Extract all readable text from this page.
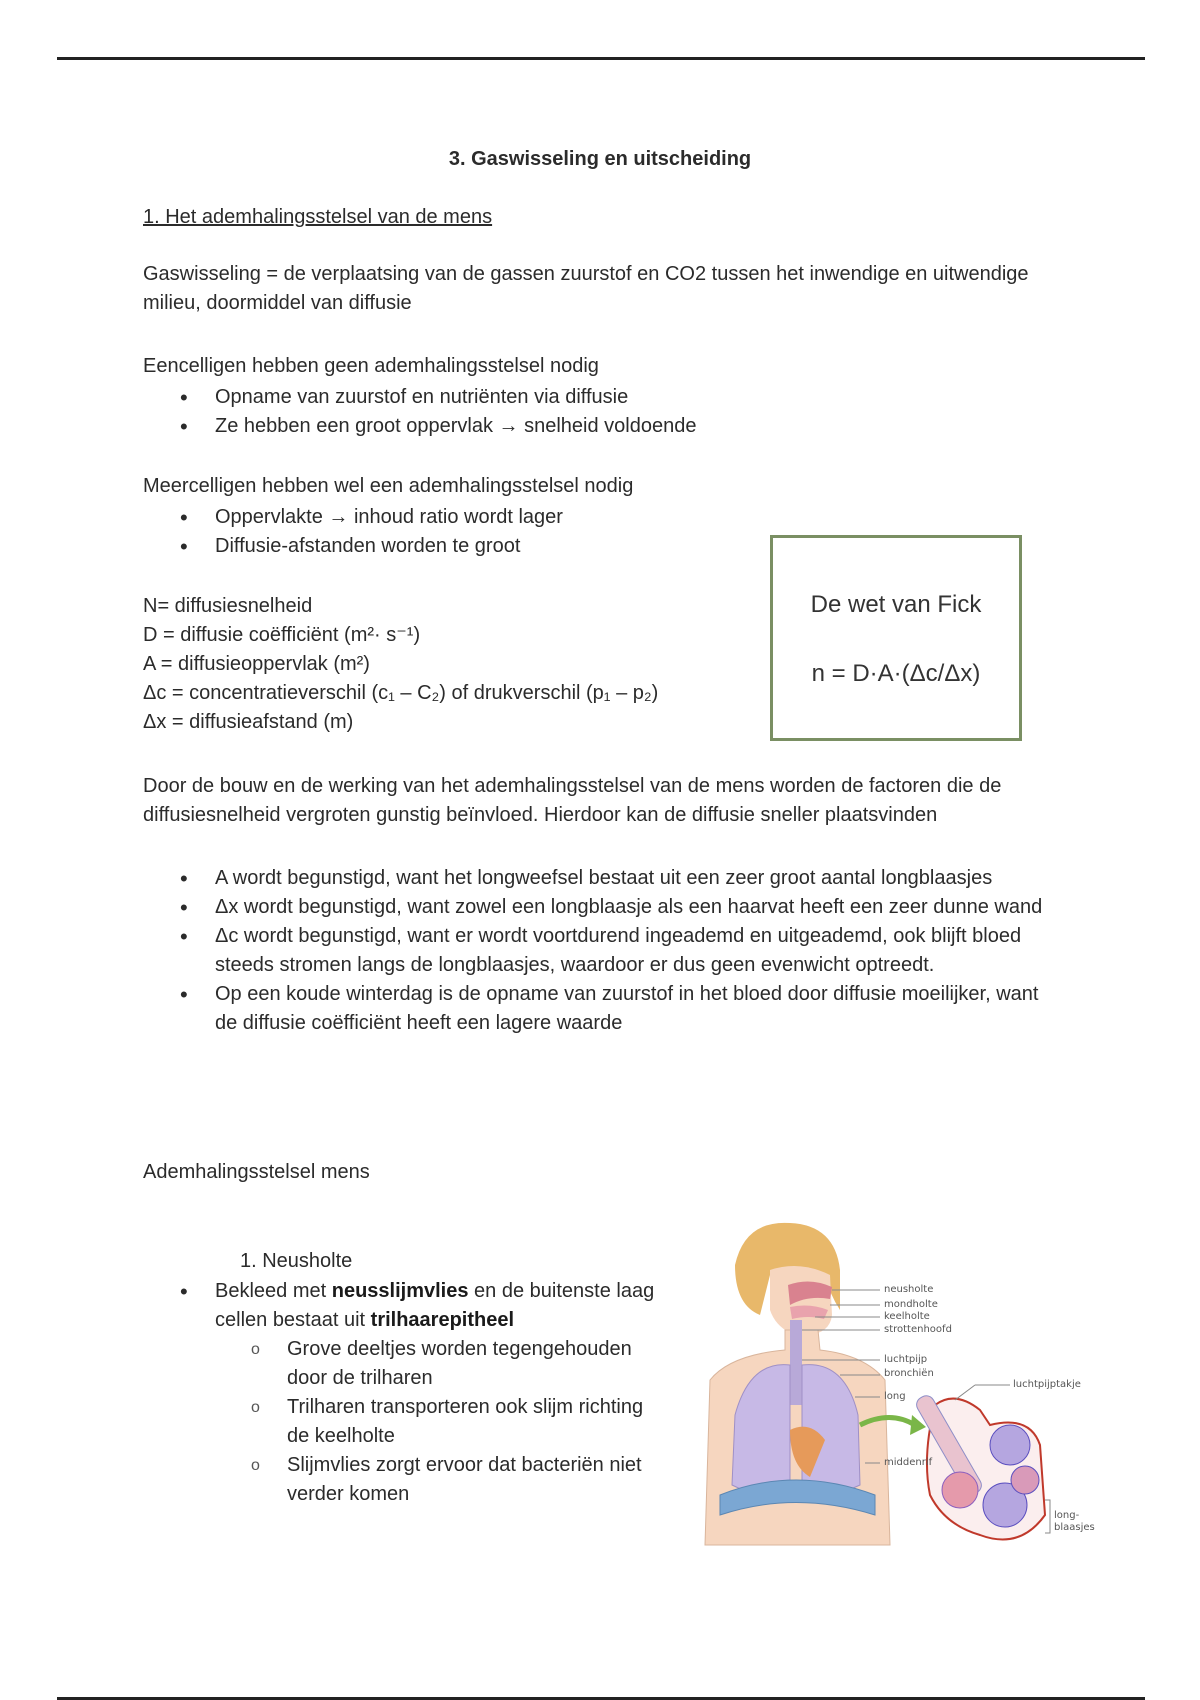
3. Gaswisseling en uitscheiding
1. Het ademhalingsstelsel van de mens
Gaswisseling = de verplaatsing van de gassen zuurstof en CO2 tussen het inwendige en uitwendige milieu, doormiddel van diffusie
Eencelligen hebben geen ademhalingsstelsel nodig
• Opname van zuurstof en nutriënten via diffusie
• Ze hebben een groot oppervlak → snelheid voldoende
Meercelligen hebben wel een ademhalingsstelsel nodig
• Oppervlakte → inhoud ratio wordt lager
• Diffusie-afstanden worden te groot
N= diffusiesnelheid
D = diffusie coëfficiënt (m²· s⁻¹)
A = diffusieoppervlak (m²)
Δc = concentratieverschil (c₁ – C₂) of drukverschil (p₁ – p₂)
Δx = diffusieafstand (m)
De wet van Fick
n = D·A·(Δc/Δx)
Door de bouw en de werking van het ademhalingsstelsel van de mens worden de factoren die de diffusiesnelheid vergroten gunstig beïnvloed. Hierdoor kan de diffusie sneller plaatsvinden
• A wordt begunstigd, want het longweefsel bestaat uit een zeer groot aantal longblaasjes
• Δx wordt begunstigd, want zowel een longblaasje als een haarvat heeft een zeer dunne wand
• Δc wordt begunstigd, want er wordt voortdurend ingeademd en uitgeademd, ook blijft bloed steeds stromen langs de longblaasjes, waardoor er dus geen evenwicht optreedt.
• Op een koude winterdag is de opname van zuurstof in het bloed door diffusie moeilijker, want de diffusie coëfficiënt heeft een lagere waarde
Ademhalingsstelsel mens
1. Neusholte
• Bekleed met neusslijmvlies en de buitenste laag cellen bestaat uit trilhaarepitheel
o Grove deeltjes worden tegengehouden door de trilharen
o Trilharen transporteren ook slijm richting de keelholte
o Slijmvlies zorgt ervoor dat bacteriën niet verder komen
neusholte
mondholte
keelholte
strottenhoofd
luchtpijp
bronchiën
long
middenrif
luchtpijptakje
long-
blaasjes
